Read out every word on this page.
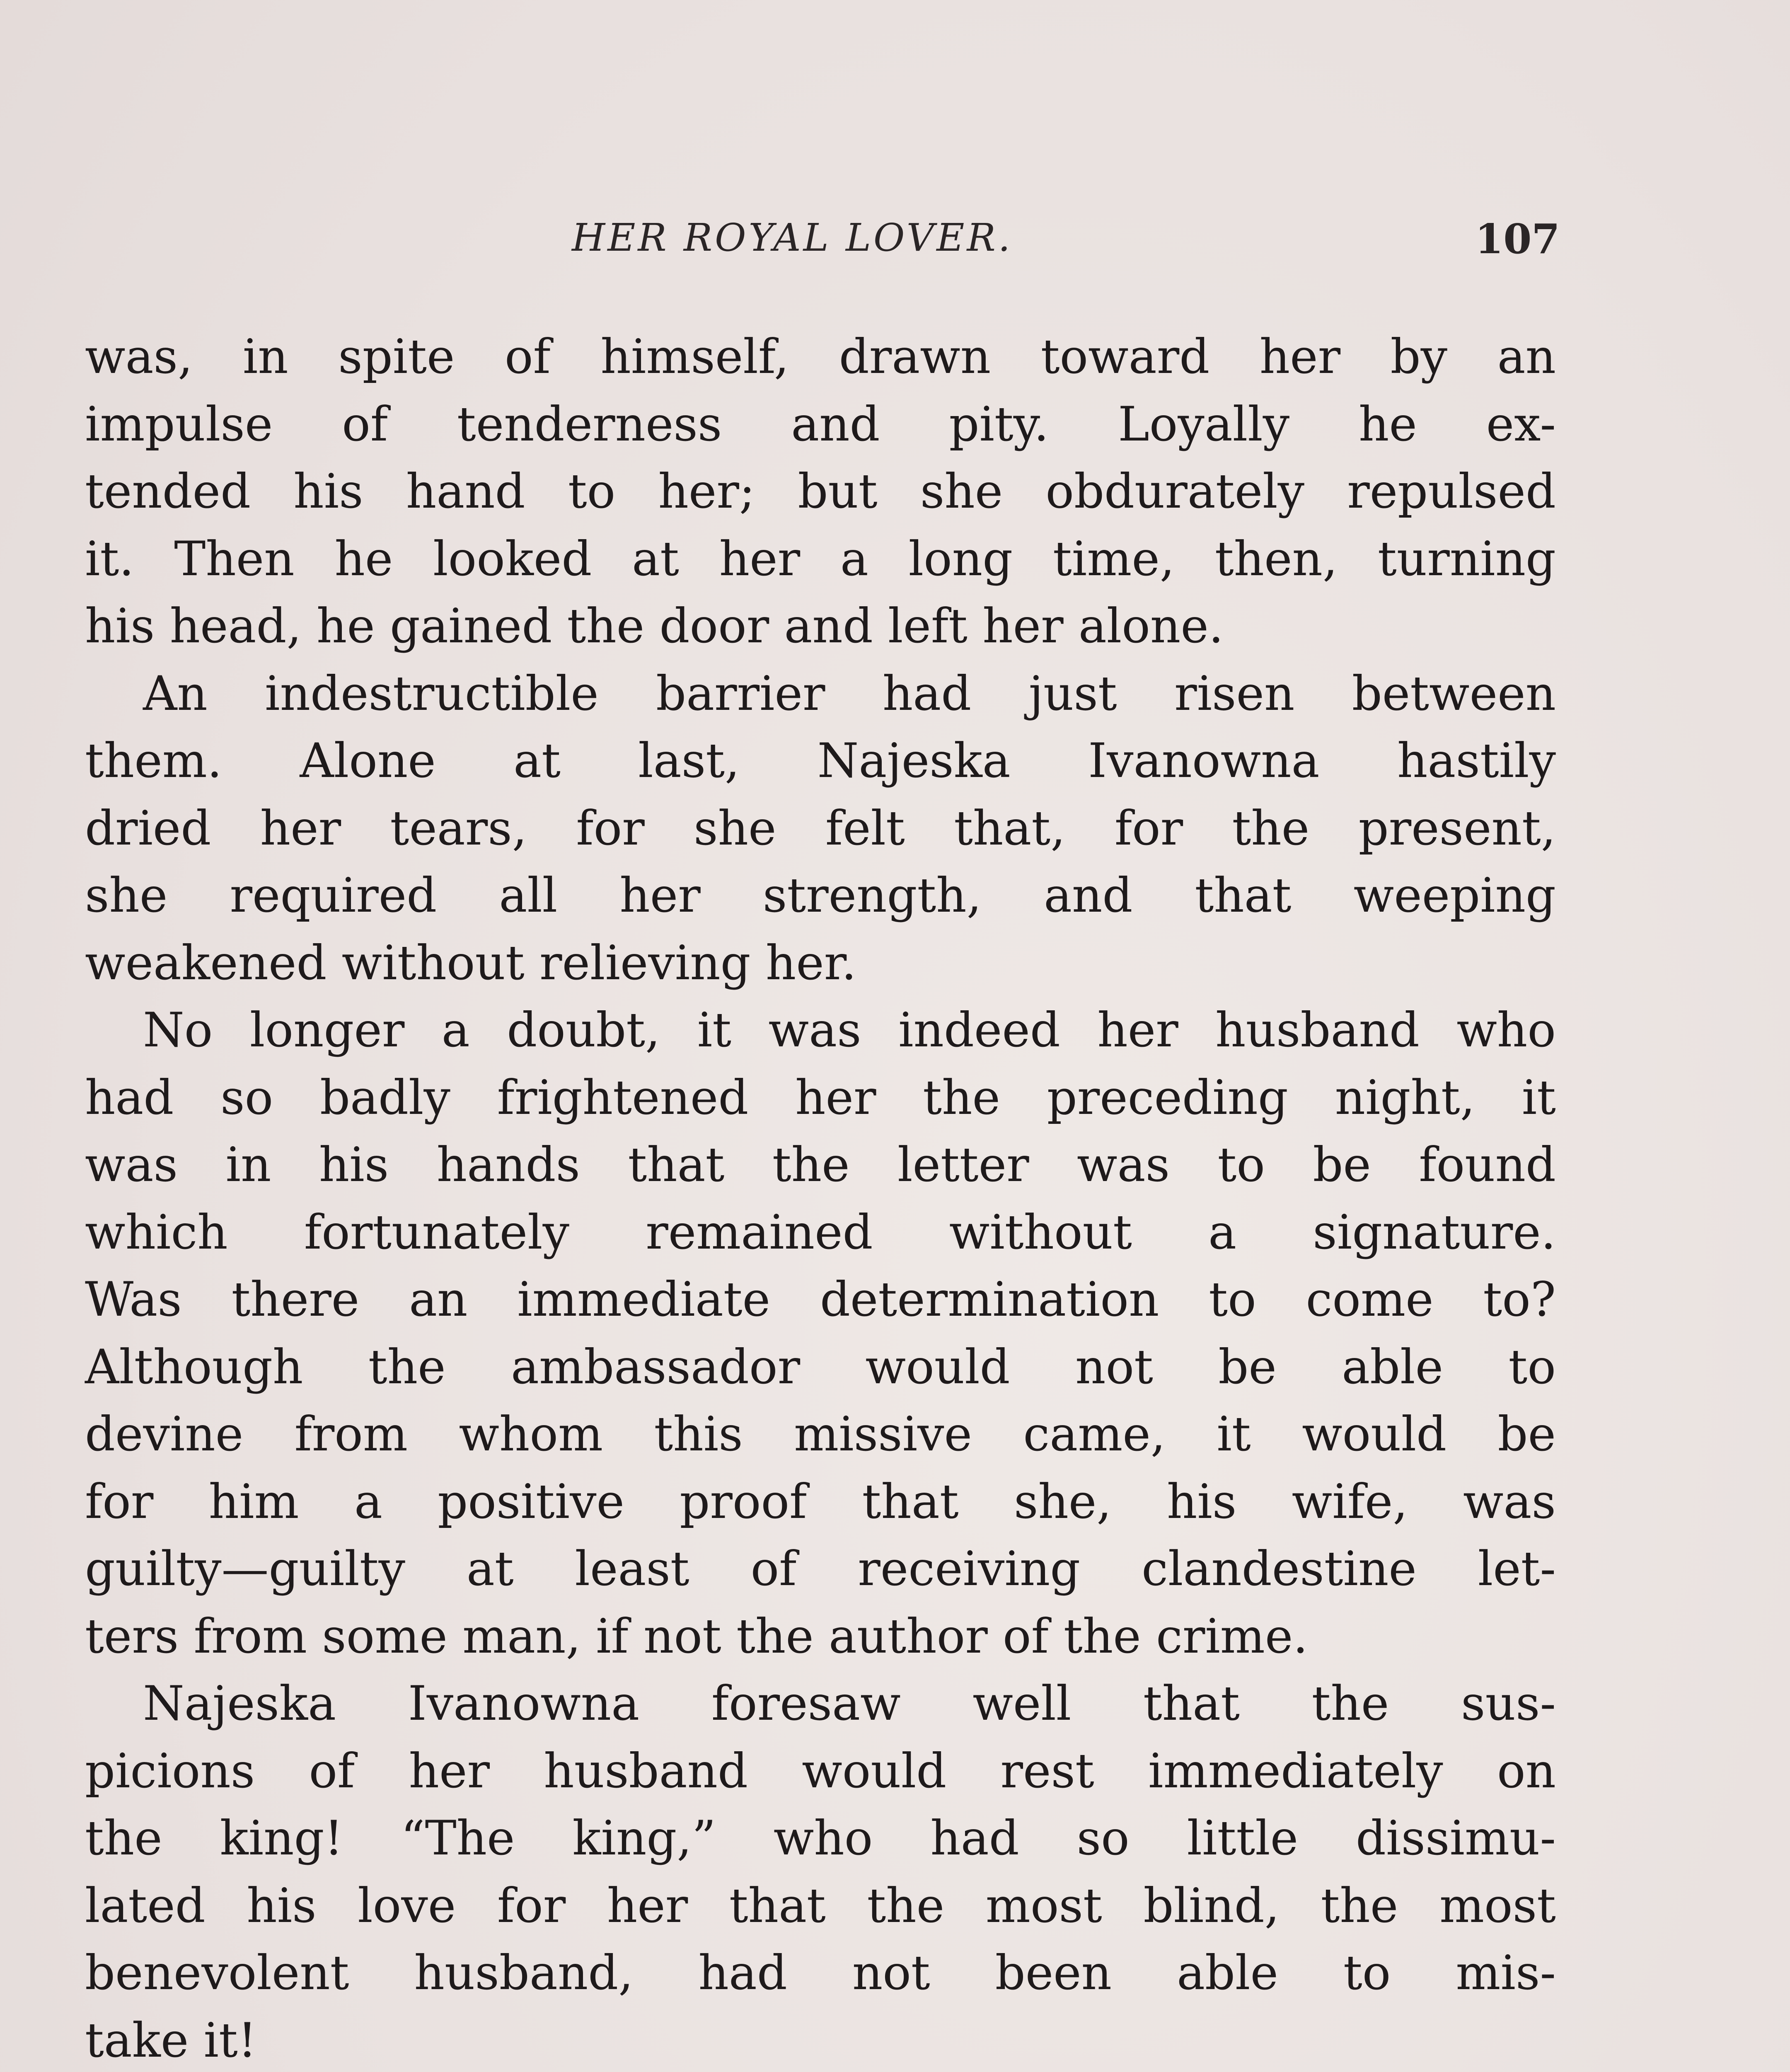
HER ROYAL LOVER.	107
was, in spite of himself, drawn toward her by an
impulse of tenderness and pity. Loyally he ex-
tended his hand to her; but she obdurately repulsed
it. Then he looked at her a long time, then, turning
his head, he gained the door and left her alone.
An indestructible barrier had just risen between
them. Alone at last, Najeska Ivanowna hastily
dried her tears, for she felt that, for the present,
she required all her strength, and that weeping
weakened without relieving her.
No longer a doubt, it was indeed her husband who
had so badly frightened her the preceding night, it
was in his hands that the letter was to be found
which fortunately remained without a signature.
Was there an immediate determination to come to?
Although the ambassador would not be able to
devine from whom this missive came, it would be
for him a positive proof that she, his wife, was
guilty—guilty at least of receiving clandestine let-
ters from some man, if not the author of the crime.
Najeska Ivanowna foresaw well that the sus-
picions of her husband would rest immediately on
the king! “The king,” who had so little dissimu-
lated his love for her that the most blind, the most
benevolent husband, had not been able to mis-
take it!
